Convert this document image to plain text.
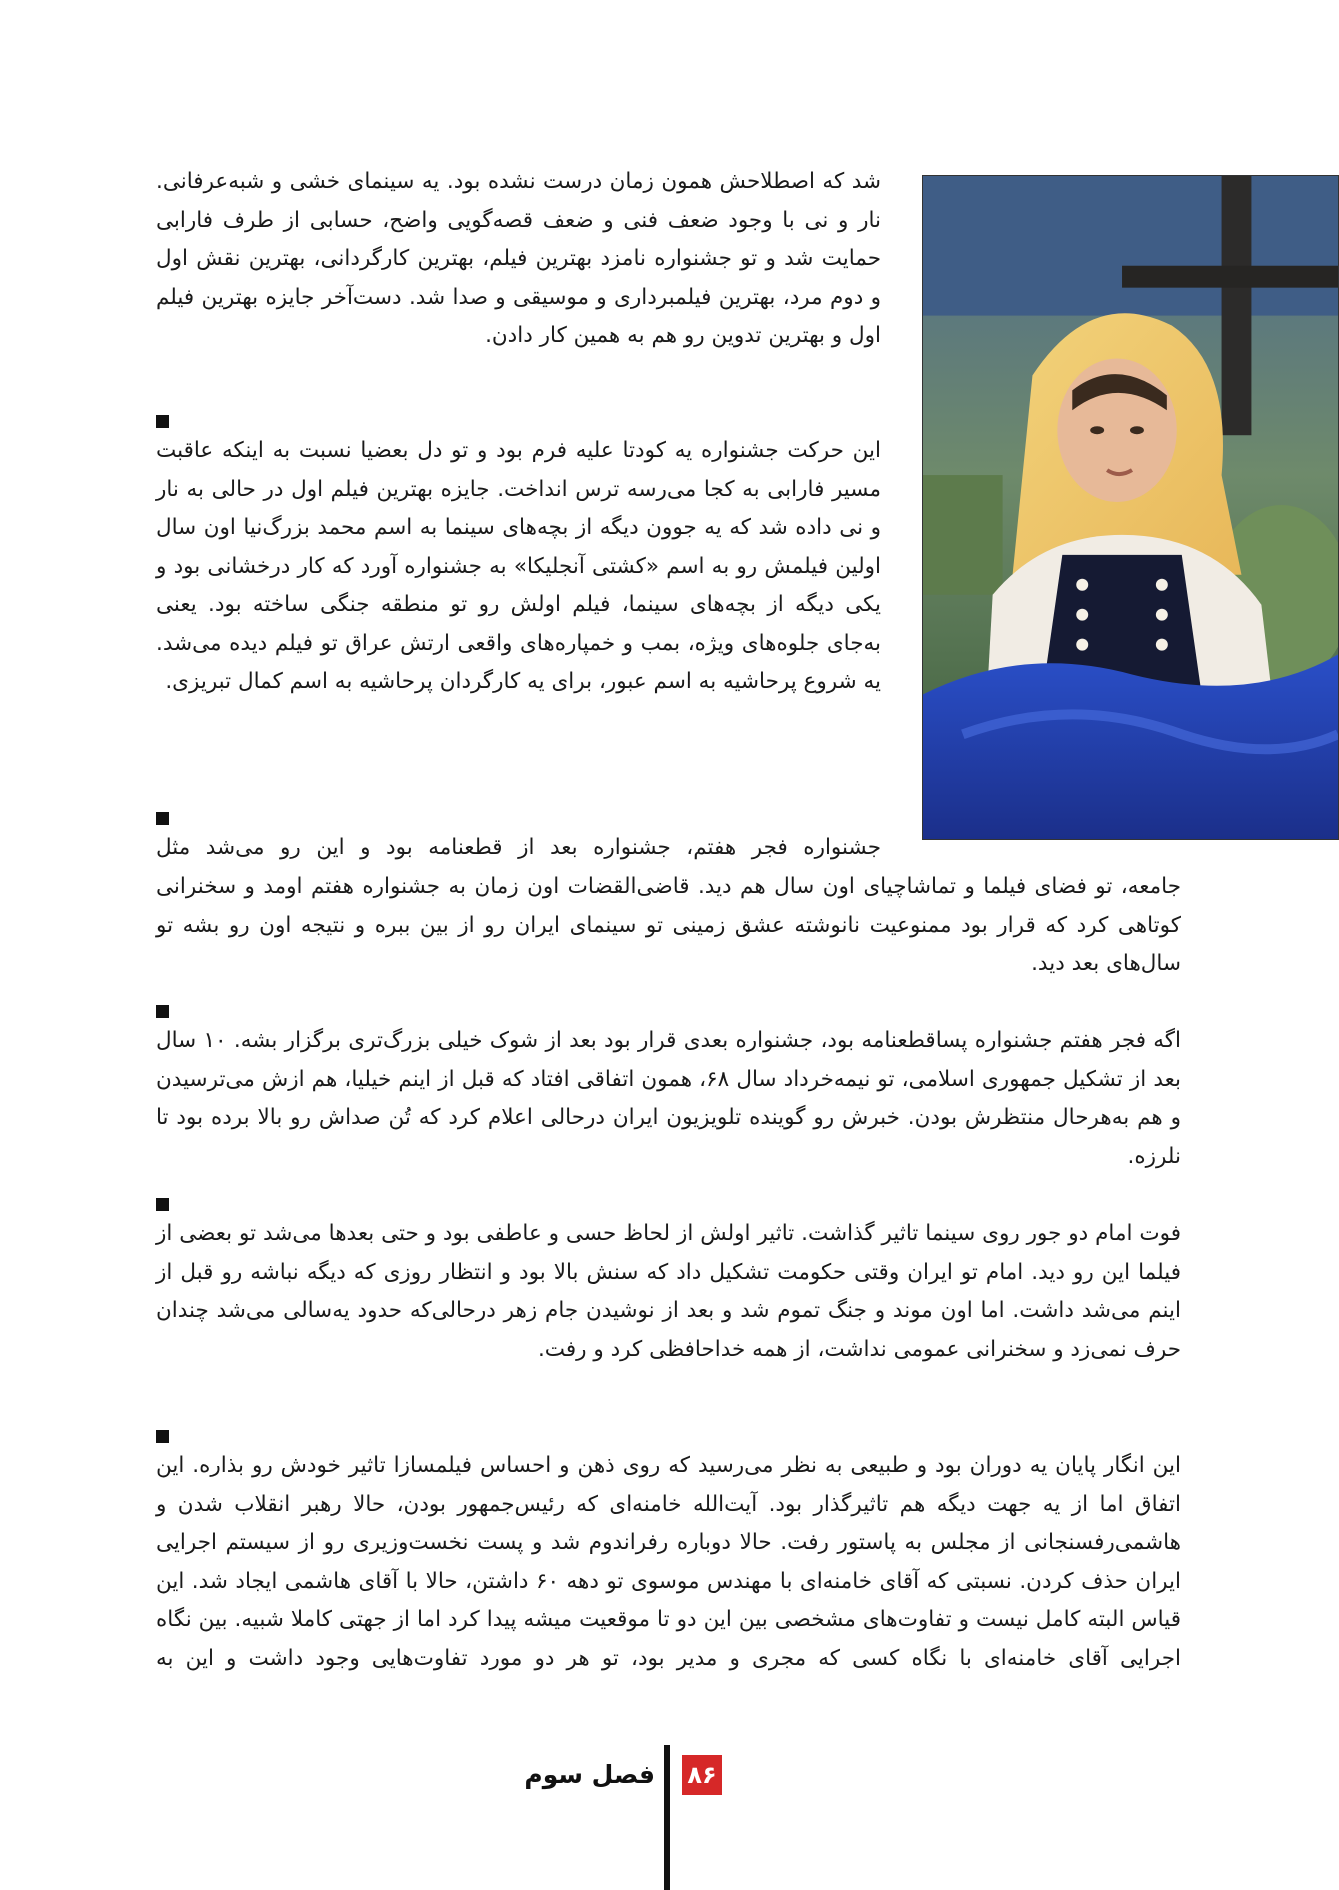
شد که اصطلاحش همون زمان درست نشده بود. یه سینمای خشی و شبه‌عرفانی. نار و نی با وجود ضعف فنی و ضعف قصه‌گویی واضح، حسابی از طرف فارابی حمایت شد و تو جشنواره نامزد بهترین فیلم، بهترین کارگردانی، بهترین نقش اول و دوم مرد، بهترین فیلمبرداری و موسیقی و صدا شد. دست‌آخر جایزه بهترین فیلم اول و بهترین تدوین رو هم به همین کار دادن.

این حرکت جشنواره یه کودتا علیه فرم بود و تو دل بعضیا نسبت به اینکه عاقبت مسیر فارابی به کجا می‌رسه ترس انداخت. جایزه بهترین فیلم اول در حالی به نار و نی داده شد که یه جوون دیگه از بچه‌های سینما به اسم محمد بزرگ‌نیا اون سال اولین فیلمش رو به اسم «کشتی آنجلیکا» به جشنواره آورد که کار درخشانی بود و یکی دیگه از بچه‌های سینما، فیلم اولش رو تو منطقه جنگی ساخته بود. یعنی به‌جای جلوه‌های ویژه، بمب و خمپاره‌های واقعی ارتش عراق تو فیلم دیده می‌شد. یه شروع پرحاشیه به اسم عبور، برای یه کارگردان پرحاشیه به اسم کمال تبریزی.

جشنواره فجر هفتم، جشنواره بعد از قطعنامه بود و این رو می‌شد مثل

جامعه، تو فضای فیلما و تماشاچیای اون سال هم دید. قاضی‌القضات اون زمان به جشنواره هفتم اومد و سخنرانی کوتاهی کرد که قرار بود ممنوعیت نانوشته عشق زمینی تو سینمای ایران رو از بین ببره و نتیجه اون رو بشه تو سال‌های بعد دید.

اگه فجر هفتم جشنواره پساقطعنامه بود، جشنواره بعدی قرار بود بعد از شوک خیلی بزرگ‌تری برگزار بشه. ۱۰ سال بعد از تشکیل جمهوری اسلامی، تو نیمه‌خرداد سال ۶۸، همون اتفاقی افتاد که قبل از اینم خیلیا، هم ازش می‌ترسیدن و هم به‌هرحال منتظرش بودن. خبرش رو گوینده تلویزیون ایران درحالی اعلام کرد که تُن صداش رو بالا برده بود تا نلرزه.

فوت امام دو جور روی سینما تاثیر گذاشت. تاثیر اولش از لحاظ حسی و عاطفی بود و حتی بعدها می‌شد تو بعضی از فیلما این رو دید. امام تو ایران وقتی حکومت تشکیل داد که سنش بالا بود و انتظار روزی که دیگه نباشه رو قبل از اینم می‌شد داشت. اما اون موند و جنگ تموم شد و بعد از نوشیدن جام زهر درحالی‌که حدود یه‌سالی می‌شد چندان حرف نمی‌زد و سخنرانی عمومی نداشت، از همه خداحافظی کرد و رفت.

این انگار پایان یه دوران بود و طبیعی به نظر می‌رسید که روی ذهن و احساس فیلمسازا تاثیر خودش رو بذاره. این اتفاق اما از یه جهت دیگه هم تاثیرگذار بود. آیت‌الله خامنه‌ای که رئیس‌جمهور بودن، حالا رهبر انقلاب شدن و هاشمی‌رفسنجانی از مجلس به پاستور رفت. حالا دوباره رفراندوم شد و پست نخست‌وزیری رو از سیستم اجرایی ایران حذف کردن. نسبتی که آقای خامنه‌ای با مهندس موسوی تو دهه ۶۰ داشتن، حالا با آقای هاشمی ایجاد شد. این قیاس البته کامل نیست و تفاوت‌های مشخصی بین این دو تا موقعیت میشه پیدا کرد اما از جهتی کاملا شبیه. بین نگاه اجرایی آقای خامنه‌ای با نگاه کسی که مجری و مدیر بود، تو هر دو مورد تفاوت‌هایی وجود داشت و این به

۸۶
فصل سوم
